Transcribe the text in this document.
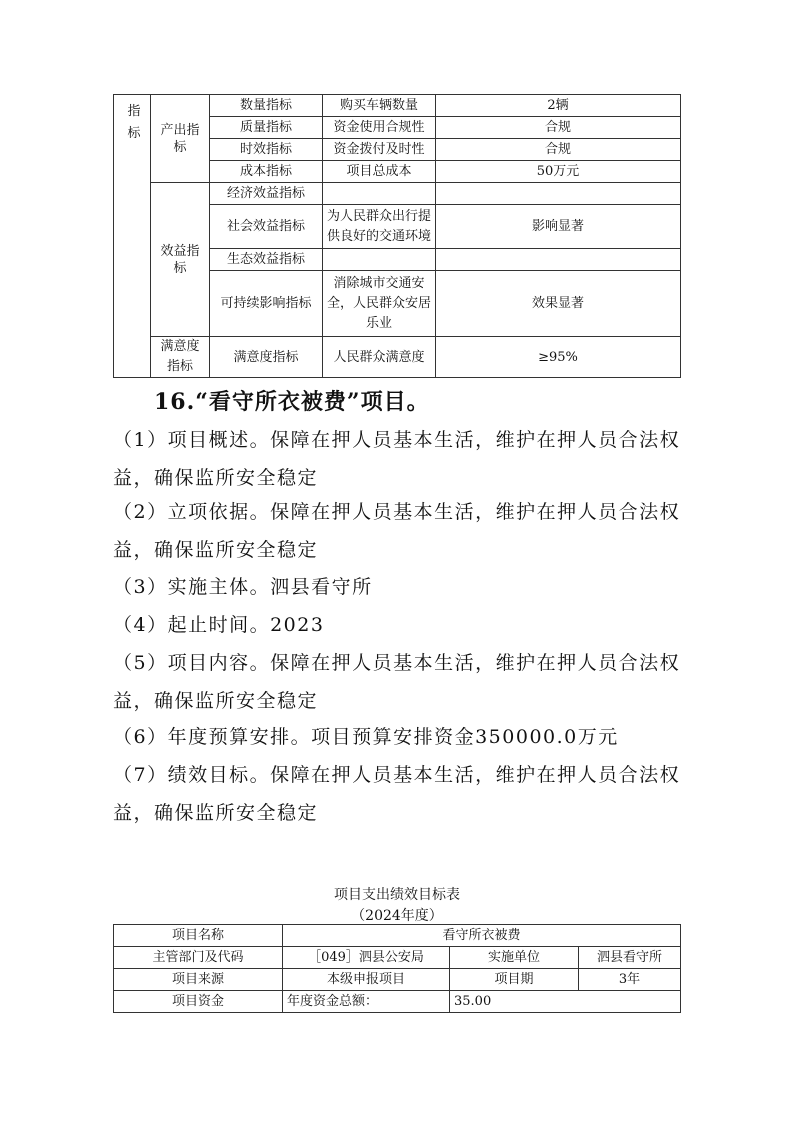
指标	产出指标	数量指标	购买车辆数量	2辆
		质量指标	资金使用合规性	合规
		时效指标	资金拨付及时性	合规
		成本指标	项目总成本	50万元
	效益指标	经济效益指标		
		社会效益指标	为人民群众出行提供良好的交通环境	影响显著
		生态效益指标		
		可持续影响指标	消除城市交通安全，人民群众安居乐业	效果显著
	满意度指标	满意度指标	人民群众满意度	≥95%
16.“看守所衣被费”项目。
（1）项目概述。保障在押人员基本生活，维护在押人员合法权益，确保监所安全稳定
（2）立项依据。保障在押人员基本生活，维护在押人员合法权益，确保监所安全稳定
（3）实施主体。泗县看守所
（4）起止时间。2023
（5）项目内容。保障在押人员基本生活，维护在押人员合法权益，确保监所安全稳定
（6）年度预算安排。项目预算安排资金350000.0万元
（7）绩效目标。保障在押人员基本生活，维护在押人员合法权益，确保监所安全稳定
项目支出绩效目标表
（2024年度）
项目名称	看守所衣被费		
主管部门及代码	［049］泗县公安局	实施单位	泗县看守所
项目来源	本级申报项目	项目期	3年
项目资金	年度资金总额：	35.00	
